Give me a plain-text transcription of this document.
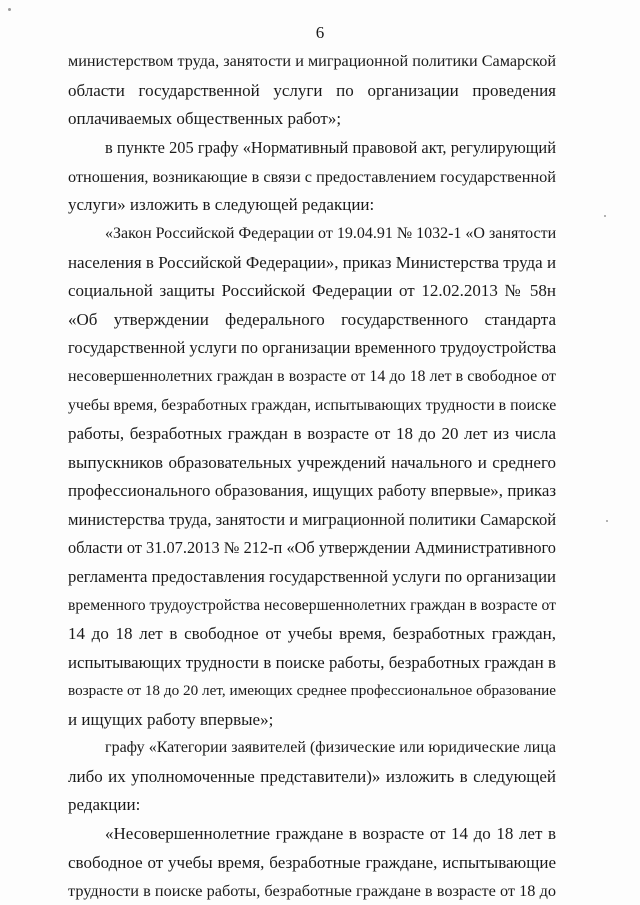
6
министерством труда, занятости и миграционной политики Самарской
области государственной услуги по организации проведения
оплачиваемых общественных работ»;
в пункте 205 графу «Нормативный правовой акт, регулирующий
отношения, возникающие в связи с предоставлением государственной
услуги» изложить в следующей редакции:
«Закон Российской Федерации от 19.04.91 № 1032-1 «О занятости
населения в Российской Федерации», приказ Министерства труда и
социальной защиты Российской Федерации от 12.02.2013 № 58н
«Об утверждении федерального государственного стандарта
государственной услуги по организации временного трудоустройства
несовершеннолетних граждан в возрасте от 14 до 18 лет в свободное от
учебы время, безработных граждан, испытывающих трудности в поиске
работы, безработных граждан в возрасте от 18 до 20 лет из числа
выпускников образовательных учреждений начального и среднего
профессионального образования, ищущих работу впервые», приказ
министерства труда, занятости и миграционной политики Самарской
области от 31.07.2013 № 212-п «Об утверждении Административного
регламента предоставления государственной услуги по организации
временного трудоустройства несовершеннолетних граждан в возрасте от
14 до 18 лет в свободное от учебы время, безработных граждан,
испытывающих трудности в поиске работы, безработных граждан в
возрасте от 18 до 20 лет, имеющих среднее профессиональное образование
и ищущих работу впервые»;
графу «Категории заявителей (физические или юридические лица
либо их уполномоченные представители)» изложить в следующей
редакции:
«Несовершеннолетние граждане в возрасте от 14 до 18 лет в
свободное от учебы время, безработные граждане, испытывающие
трудности в поиске работы, безработные граждане в возрасте от 18 до
